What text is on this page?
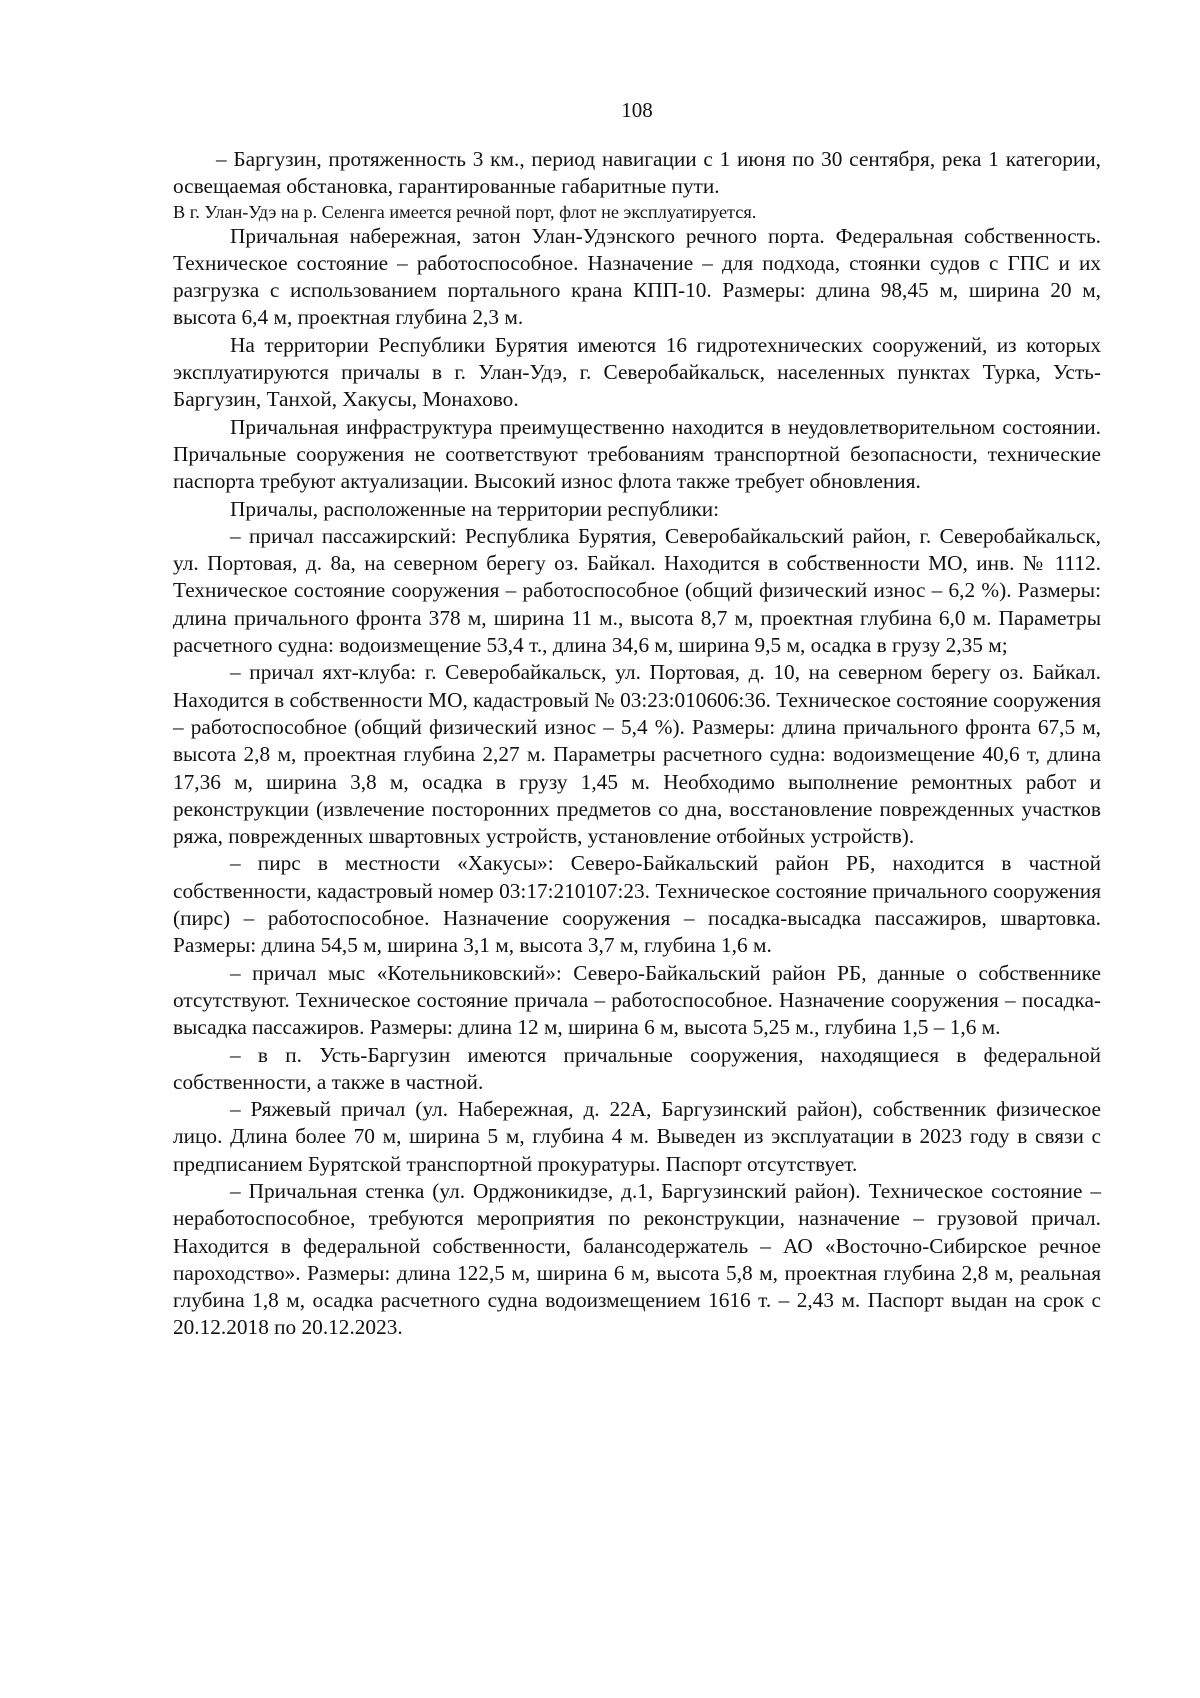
108

– Баргузин, протяженность 3 км., период навигации с 1 июня по 30 сентября, река 1 категории, освещаемая обстановка, гарантированные габаритные пути.

В г. Улан-Удэ на р. Селенга имеется речной порт, флот не эксплуатируется.

Причальная набережная, затон Улан-Удэнского речного порта. Федеральная собственность. Техническое состояние – работоспособное. Назначение – для подхода, стоянки судов с ГПС и их разгрузка с использованием портального крана КПП-10. Размеры: длина 98,45 м, ширина 20 м, высота 6,4 м, проектная глубина 2,3 м.

На территории Республики Бурятия имеются 16 гидротехнических сооружений, из которых эксплуатируются причалы в г. Улан-Удэ, г. Северобайкальск, населенных пунктах Турка, Усть-Баргузин, Танхой, Хакусы, Монахово.

Причальная инфраструктура преимущественно находится в неудовлетворительном состоянии. Причальные сооружения не соответствуют требованиям транспортной безопасности, технические паспорта требуют актуализации. Высокий износ флота также требует обновления.

Причалы, расположенные на территории республики:

– причал пассажирский: Республика Бурятия, Северобайкальский район, г. Северобайкальск, ул. Портовая, д. 8а, на северном берегу оз. Байкал. Находится в собственности МО, инв. № 1112. Техническое состояние сооружения – работоспособное (общий физический износ – 6,2 %). Размеры: длина причального фронта 378 м, ширина 11 м., высота 8,7 м, проектная глубина 6,0 м. Параметры расчетного судна: водоизмещение 53,4 т., длина 34,6 м, ширина 9,5 м, осадка в грузу 2,35 м;

– причал яхт-клуба: г. Северобайкальск, ул. Портовая, д. 10, на северном берегу оз. Байкал. Находится в собственности МО, кадастровый № 03:23:010606:36. Техническое состояние сооружения – работоспособное (общий физический износ – 5,4 %). Размеры: длина причального фронта 67,5 м, высота 2,8 м, проектная глубина 2,27 м. Параметры расчетного судна: водоизмещение 40,6 т, длина 17,36 м, ширина 3,8 м, осадка в грузу 1,45 м. Необходимо выполнение ремонтных работ и реконструкции (извлечение посторонних предметов со дна, восстановление поврежденных участков ряжа, поврежденных швартовных устройств, установление отбойных устройств).

– пирс в местности «Хакусы»: Северо-Байкальский район РБ, находится в частной собственности, кадастровый номер 03:17:210107:23. Техническое состояние причального сооружения (пирс) – работоспособное. Назначение сооружения – посадка-высадка пассажиров, швартовка. Размеры: длина 54,5 м, ширина 3,1 м, высота 3,7 м, глубина 1,6 м.

– причал мыс «Котельниковский»: Северо-Байкальский район РБ, данные о собственнике отсутствуют. Техническое состояние причала – работоспособное. Назначение сооружения – посадка-высадка пассажиров. Размеры: длина 12 м, ширина 6 м, высота 5,25 м., глубина 1,5 – 1,6 м.

– в п. Усть-Баргузин имеются причальные сооружения, находящиеся в федеральной собственности, а также в частной.

– Ряжевый причал (ул. Набережная, д. 22А, Баргузинский район), собственник физическое лицо. Длина более 70 м, ширина 5 м, глубина 4 м. Выведен из эксплуатации в 2023 году в связи с предписанием Бурятской транспортной прокуратуры. Паспорт отсутствует.

– Причальная стенка (ул. Орджоникидзе, д.1, Баргузинский район). Техническое состояние – неработоспособное, требуются мероприятия по реконструкции, назначение – грузовой причал. Находится в федеральной собственности, балансодержатель – АО «Восточно-Сибирское речное пароходство». Размеры: длина 122,5 м, ширина 6 м, высота 5,8 м, проектная глубина 2,8 м, реальная глубина 1,8 м, осадка расчетного судна водоизмещением 1616 т. – 2,43 м. Паспорт выдан на срок с 20.12.2018 по 20.12.2023.
